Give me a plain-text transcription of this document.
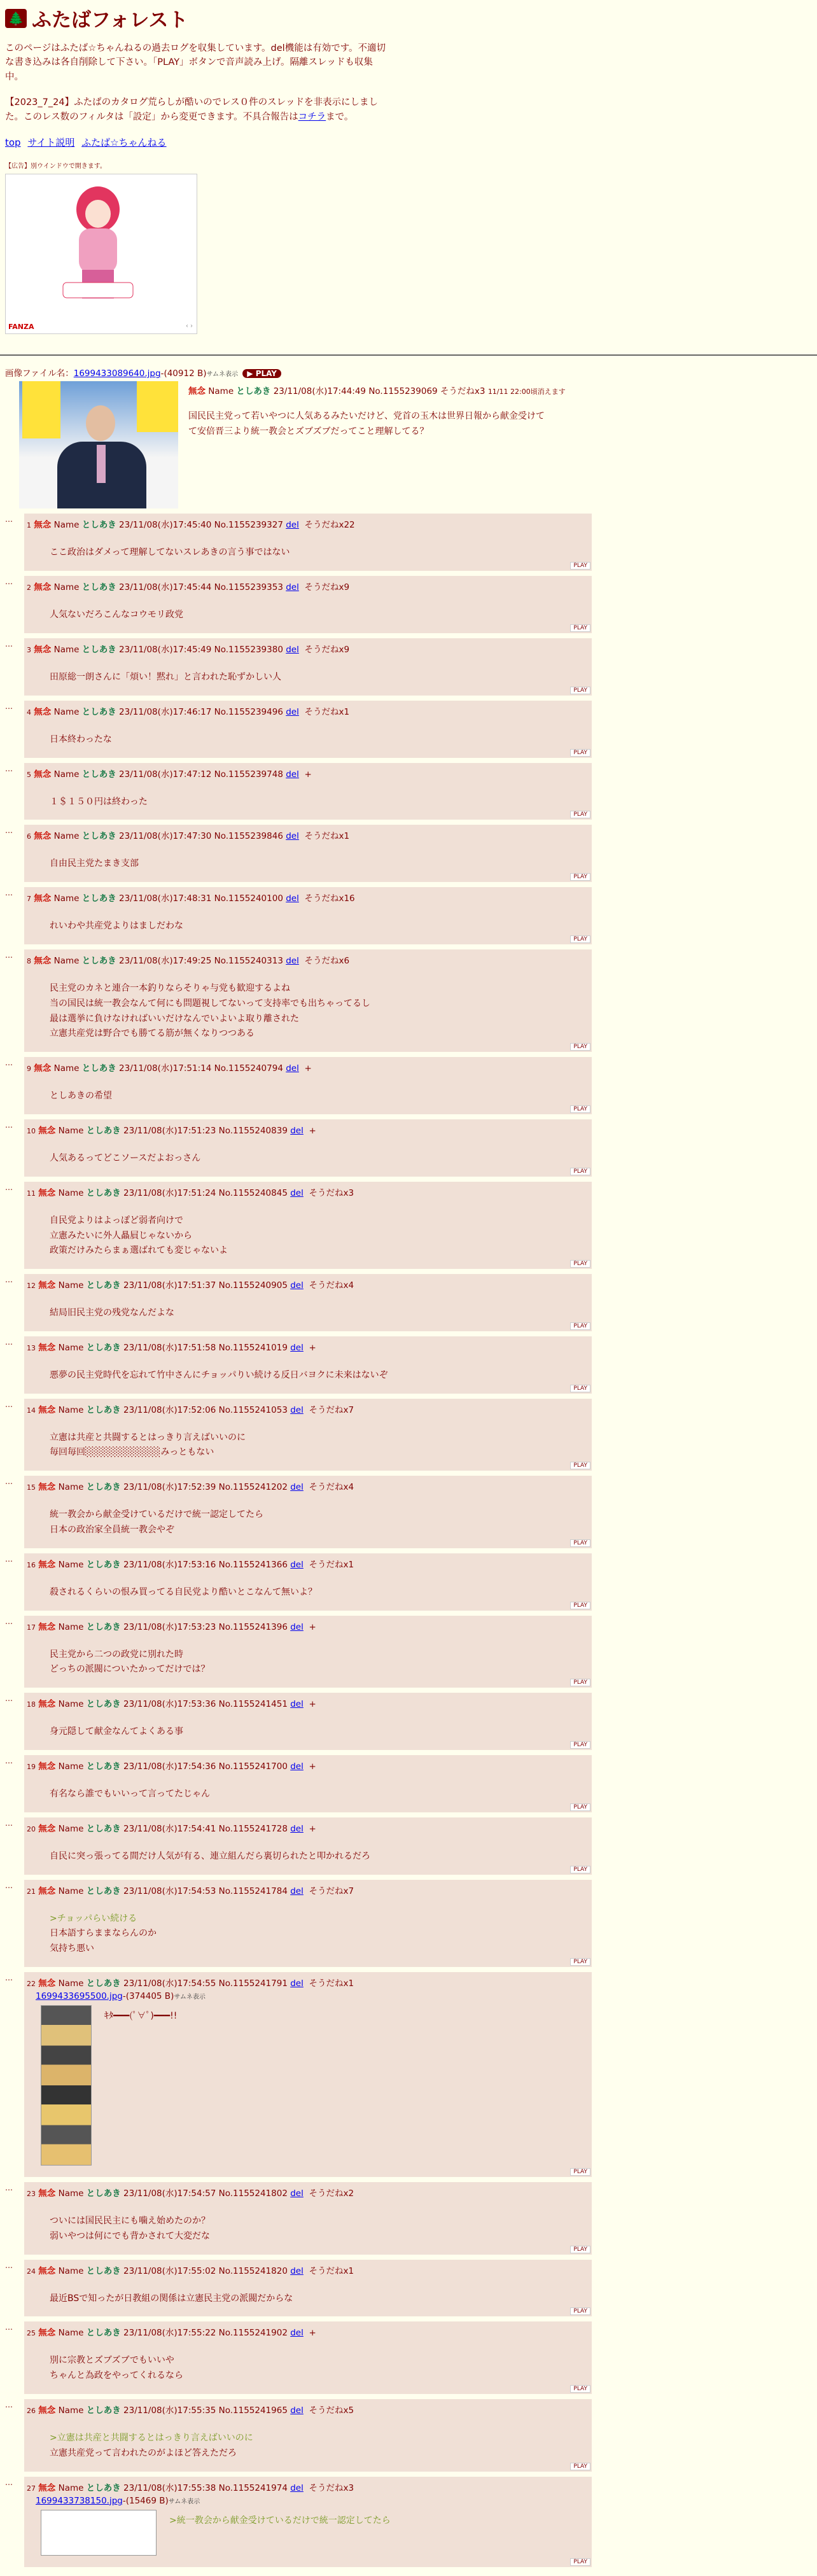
🌲 ふたばフォレスト

このページはふたば☆ちゃんねるの過去ログを収集しています。del機能は有効です。不適切な書き込みは各自削除して下さい。「PLAY」ボタンで音声読み上げ。隔離スレッドも収集中。

【2023_7_24】ふたばのカタログ荒らしが酷いのでレス０件のスレッドを非表示にしました。このレス数のフィルタは「設定」から変更できます。不具合報告はコチラまで。

top サイト説明 ふたば☆ちゃんねる
【広告】別ウインドウで開きます。
FANZA	‹ ›
画像ファイル名：1699433089640.jpg-(40912 B)サムネ表示 ▶ PLAY
無念 Name としあき 23/11/08(水)17:44:49 No.1155239069 そうだねx3 11/11 22:00頃消えます
国民民主党って若いやつに人気あるみたいだけど、党首の玉木は世界日報から献金受けてて安倍晋三より統一教会とズブズブだってこと理解してる？
…
1 無念 Name としあき 23/11/08(水)17:45:40 No.1155239327 del そうだねx22
ここ政治はダメって理解してないスレあきの言う事ではない
PLAY
…
2 無念 Name としあき 23/11/08(水)17:45:44 No.1155239353 del そうだねx9
人気ないだろこんなコウモリ政党
PLAY
…
3 無念 Name としあき 23/11/08(水)17:45:49 No.1155239380 del そうだねx9
田原総一朗さんに「煩い！黙れ」と言われた恥ずかしい人
PLAY
…
4 無念 Name としあき 23/11/08(水)17:46:17 No.1155239496 del そうだねx1
日本終わったな
PLAY
…
5 無念 Name としあき 23/11/08(水)17:47:12 No.1155239748 del +
１＄１５０円は終わった
PLAY
…
6 無念 Name としあき 23/11/08(水)17:47:30 No.1155239846 del そうだねx1
自由民主党たまき支部
PLAY
…
7 無念 Name としあき 23/11/08(水)17:48:31 No.1155240100 del そうだねx16
れいわや共産党よりはましだわな
PLAY
…
8 無念 Name としあき 23/11/08(水)17:49:25 No.1155240313 del そうだねx6
民主党のカネと連合一本釣りならそりゃ与党も歓迎するよね
当の国民は統一教会なんて何にも問題視してないって支持率でも出ちゃってるし
最は選挙に負けなければいいだけなんでいよいよ取り離された
立憲共産党は野合でも勝てる筋が無くなりつつある
PLAY
…
9 無念 Name としあき 23/11/08(水)17:51:14 No.1155240794 del +
としあきの希望
PLAY
…
10 無念 Name としあき 23/11/08(水)17:51:23 No.1155240839 del +
人気あるってどこソースだよおっさん
PLAY
…
11 無念 Name としあき 23/11/08(水)17:51:24 No.1155240845 del そうだねx3
自民党よりはよっぽど弱者向けで
立憲みたいに外人贔屓じゃないから
政策だけみたらまぁ選ばれても変じゃないよ
PLAY
…
12 無念 Name としあき 23/11/08(水)17:51:37 No.1155240905 del そうだねx4
結局旧民主党の残党なんだよな
PLAY
…
13 無念 Name としあき 23/11/08(水)17:51:58 No.1155241019 del +
悪夢の民主党時代を忘れて竹中さんにチョッパりい続ける反日バヨクに未来はないぞ
PLAY
…
14 無念 Name としあき 23/11/08(水)17:52:06 No.1155241053 del そうだねx7
立憲は共産と共闘するとはっきり言えばいいのに
毎回毎回░░░░░░░░░░░みっともない
PLAY
…
15 無念 Name としあき 23/11/08(水)17:52:39 No.1155241202 del そうだねx4
統一教会から献金受けているだけで統一認定してたら
日本の政治家全員統一教会やぞ
PLAY
…
16 無念 Name としあき 23/11/08(水)17:53:16 No.1155241366 del そうだねx1
殺されるくらいの恨み買ってる自民党より酷いとこなんて無いよ？
PLAY
…
17 無念 Name としあき 23/11/08(水)17:53:23 No.1155241396 del +
民主党から二つの政党に別れた時
どっちの派閥についたかってだけでは？
PLAY
…
18 無念 Name としあき 23/11/08(水)17:53:36 No.1155241451 del +
身元隠して献金なんてよくある事
PLAY
…
19 無念 Name としあき 23/11/08(水)17:54:36 No.1155241700 del +
有名なら誰でもいいって言ってたじゃん
PLAY
…
20 無念 Name としあき 23/11/08(水)17:54:41 No.1155241728 del +
自民に突っ張ってる間だけ人気が有る、連立組んだら裏切られたと叩かれるだろ
PLAY
…
21 無念 Name としあき 23/11/08(水)17:54:53 No.1155241784 del そうだねx7
>チョッパらい続ける
日本語すらままならんのか
気持ち悪い
PLAY
…
22 無念 Name としあき 23/11/08(水)17:54:55 No.1155241791 del そうだねx1
1699433695500.jpg-(374405 B)サムネ表示
ｷﾀ━━━(ﾟ∀ﾟ)━━━!!
PLAY
…
23 無念 Name としあき 23/11/08(水)17:54:57 No.1155241802 del そうだねx2
ついには国民民主にも噛え始めたのか？
弱いやつは何にでも背かされて大変だな
PLAY
…
24 無念 Name としあき 23/11/08(水)17:55:02 No.1155241820 del そうだねx1
最近BSで知ったが日教組の関係は立憲民主党の派閥だからな
PLAY
…
25 無念 Name としあき 23/11/08(水)17:55:22 No.1155241902 del +
別に宗教とズブズブでもいいや
ちゃんと為政をやってくれるなら
PLAY
…
26 無念 Name としあき 23/11/08(水)17:55:35 No.1155241965 del そうだねx5
>立憲は共産と共闘するとはっきり言えばいいのに
立憲共産党って言われたのがよほど答えただろ
PLAY
…
27 無念 Name としあき 23/11/08(水)17:55:38 No.1155241974 del そうだねx3
1699433738150.jpg-(15469 B)サムネ表示
>統一教会から献金受けているだけで統一認定してたら
PLAY
